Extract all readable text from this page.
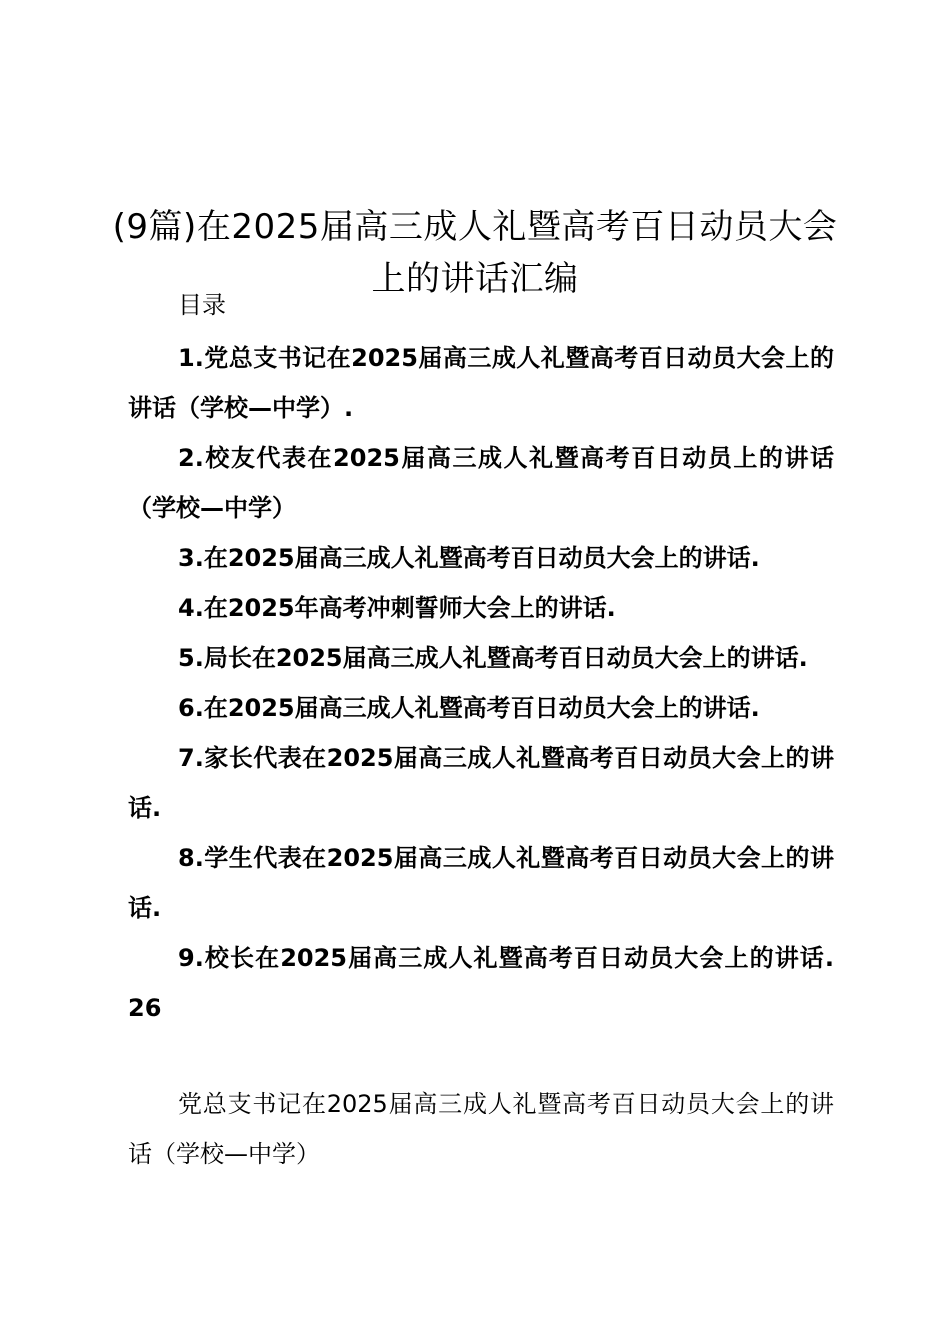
(9篇)在2025届高三成人礼暨高考百日动员大会上的讲话汇编
目录
1.党总支书记在2025届高三成人礼暨高考百日动员大会上的讲话（学校—中学）.
2.校友代表在2025届高三成人礼暨高考百日动员上的讲话（学校—中学）
3.在2025届高三成人礼暨高考百日动员大会上的讲话.
4.在2025年高考冲刺誓师大会上的讲话.
5.局长在2025届高三成人礼暨高考百日动员大会上的讲话.
6.在2025届高三成人礼暨高考百日动员大会上的讲话.
7.家长代表在2025届高三成人礼暨高考百日动员大会上的讲话.
8.学生代表在2025届高三成人礼暨高考百日动员大会上的讲话.
9.校长在2025届高三成人礼暨高考百日动员大会上的讲话. 26

党总支书记在2025届高三成人礼暨高考百日动员大会上的讲话（学校—中学）
